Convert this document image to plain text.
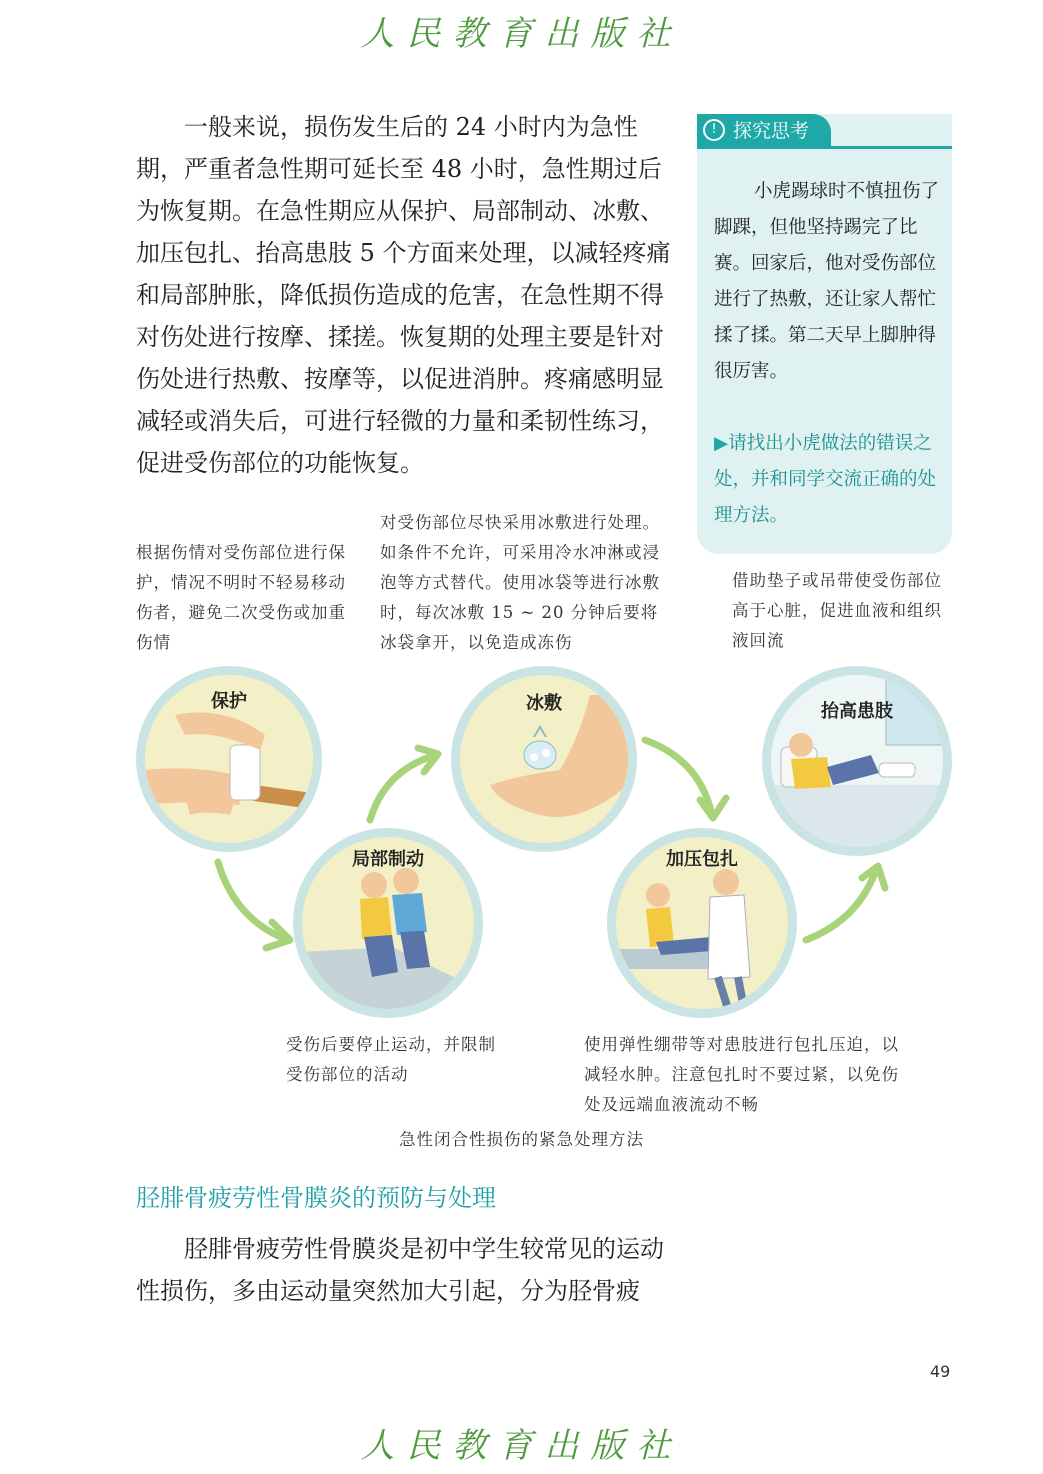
人民教育出版社

一般来说，损伤发生后的 24 小时内为急性期，严重者急性期可延长至 48 小时，急性期过后为恢复期。在急性期应从保护、局部制动、冰敷、加压包扎、抬高患肢 5 个方面来处理，以减轻疼痛和局部肿胀，降低损伤造成的危害，在急性期不得对伤处进行按摩、揉搓。恢复期的处理主要是针对伤处进行热敷、按摩等，以促进消肿。疼痛感明显减轻或消失后，可进行轻微的力量和柔韧性练习，促进受伤部位的功能恢复。

探究思考
!

小虎踢球时不慎扭伤了脚踝，但他坚持踢完了比赛。回家后，他对受伤部位进行了热敷，还让家人帮忙揉了揉。第二天早上脚肿得很厉害。

▶请找出小虎做法的错误之处，并和同学交流正确的处理方法。

根据伤情对受伤部位进行保护，情况不明时不轻易移动伤者，避免二次受伤或加重伤情

对受伤部位尽快采用冰敷进行处理。如条件不允许，可采用冷水冲淋或浸泡等方式替代。使用冰袋等进行冰敷时，每次冰敷 15 ~ 20 分钟后要将冰袋拿开，以免造成冻伤

借助垫子或吊带使受伤部位高于心脏，促进血液和组织液回流

受伤后要停止运动，并限制受伤部位的活动

使用弹性绷带等对患肢进行包扎压迫，以减轻水肿。注意包扎时不要过紧，以免伤处及远端血液流动不畅

保护
局部制动
冰敷
加压包扎
抬高患肢
急性闭合性损伤的紧急处理方法
胫腓骨疲劳性骨膜炎的预防与处理

胫腓骨疲劳性骨膜炎是初中学生较常见的运动性损伤，多由运动量突然加大引起，分为胫骨疲

49
人民教育出版社
